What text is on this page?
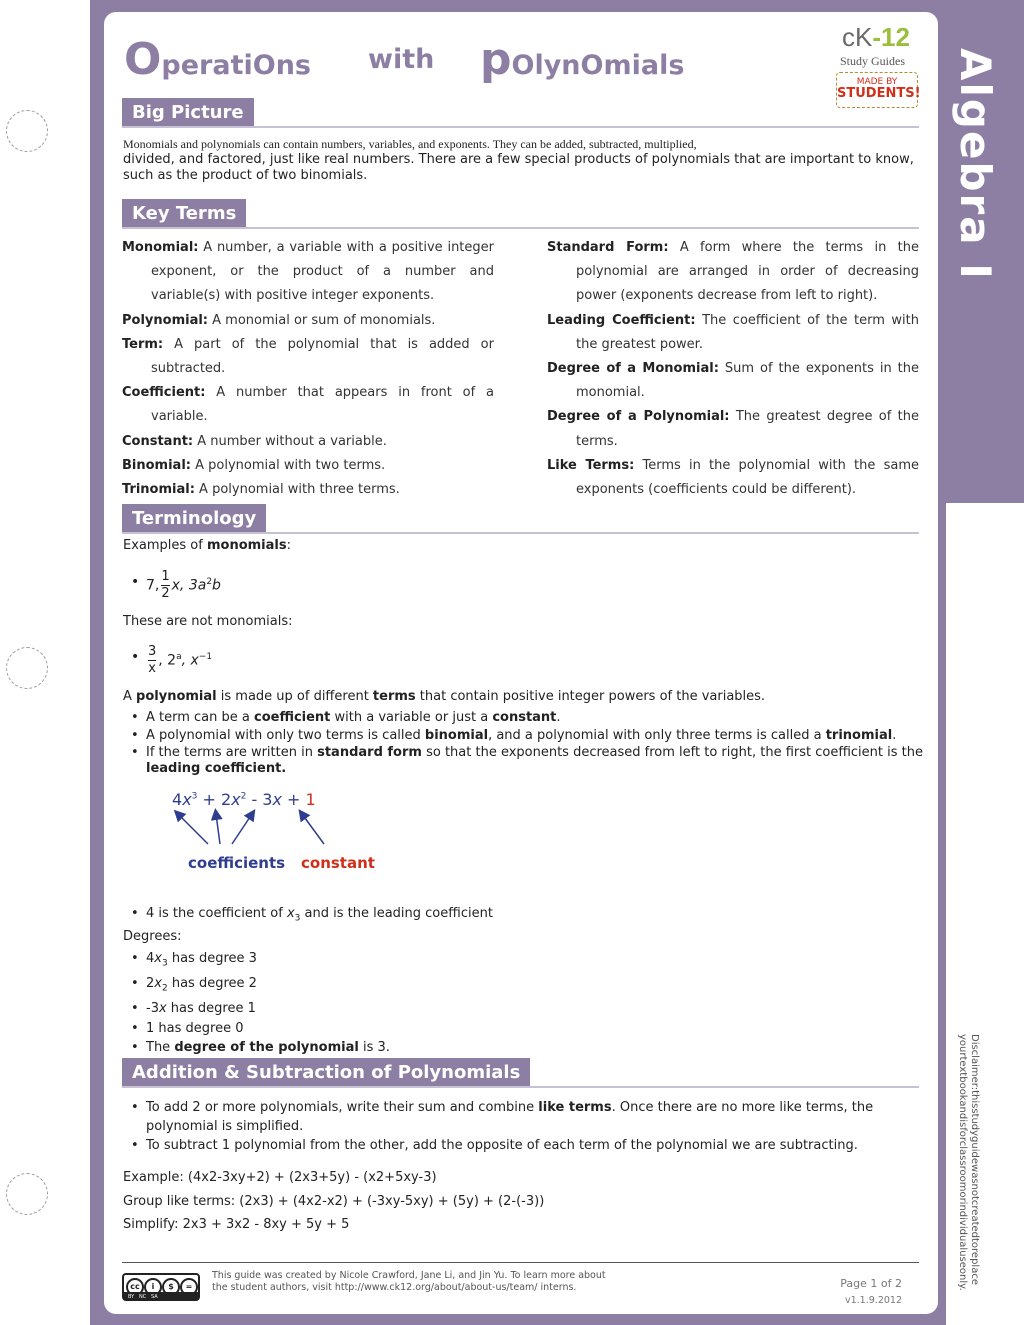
Algebra I
OperatiOns with pOlynOmials
cK-12
Study Guides
MADE BY
STUDENTS!
Big Picture
Monomials and polynomials can contain numbers, variables, and exponents. They can be added, subtracted, multiplied,
divided, and factored, just like real numbers. There are a few special products of polynomials that are important to know, such as the product of two binomials.
Key Terms
Monomial: A number, a variable with a positive integer exponent, or the product of a number and variable(s) with positive integer exponents.
Polynomial: A monomial or sum of monomials.
Term: A part of the polynomial that is added or subtracted.
Coefficient: A number that appears in front of a variable.
Constant: A number without a variable.
Binomial: A polynomial with two terms.
Trinomial: A polynomial with three terms.
Standard Form: A form where the terms in the polynomial are arranged in order of decreasing power (exponents decrease from left to right).
Leading Coefficient: The coefficient of the term with the greatest power.
Degree of a Monomial: Sum of the exponents in the monomial.
Degree of a Polynomial: The greatest degree of the terms.
Like Terms: Terms in the polynomial with the same exponents (coefficients could be different).
Terminology
Examples of monomials:
• 7, $\frac{1}{2} x$, $3a^2b$
These are not monomials:
• $\frac{3}{x}$ , 2$^a$, $x^{-1}$
A polynomial is made up of different terms that contain positive integer powers of the variables.
• A term can be a coefficient with a variable or just a constant.
• A polynomial with only two terms is called binomial, and a polynomial with only three terms is called a trinomial.
• If the terms are written in standard form so that the exponents decreased from left to right, the first coefficient is the leading coefficient.
$4x^3 + 2x^2 - 3x + 1$
coefficients constant
• 4 is the coefficient of $x_3$ and is the leading coefficient
Degrees:
• $4x_3$ has degree 3
• $2x_2$ has degree 2
• -3x has degree 1
• 1 has degree 0
• The degree of the polynomial is 3.
Addition & Subtraction of Polynomials
• To add 2 or more polynomials, write their sum and combine like terms. Once there are no more like terms, the polynomial is simplified.
• To subtract 1 polynomial from the other, add the opposite of each term of the polynomial we are subtracting.
Example: (4x2-3xy+2) + (2x3+5y) - (x2+5xy-3)
Group like terms: (2x3) + (4x2-x2) + (-3xy-5xy) + (5y) + (2-(-3))
Simplify: 2x3 + 3x2 - 8xy + 5y + 5	Disclaimer:thisstudyguidewasnotcreatedtoreplace
yourtextbookandisforclassroomorindividualuseonly.
cc	i	$	=
BY   NC   SA
This guide was created by Nicole Crawford, Jane Li, and Jin Yu. To learn more about the student authors, visit http://www.ck12.org/about/about-us/team/ interns.	Page 1 of 2
v1.1.9.2012
